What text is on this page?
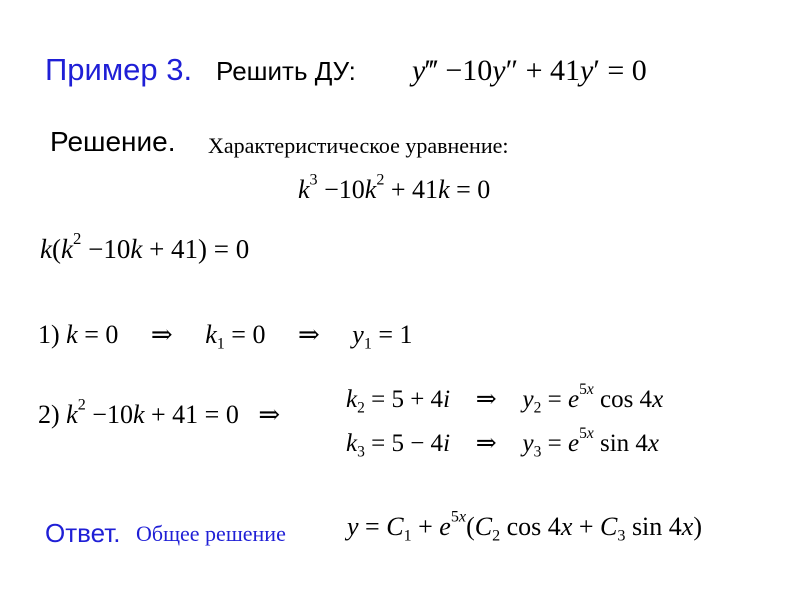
Пример 3. Решить ДУ: y‴ −10y″ + 41y′ = 0
Решение. Характеристическое уравнение:
$k^3 -10k^2 + 41k = 0$
$k(k^2 -10k + 41) = 0$
1) k = 0 ⇒ $k_1 = 0$ ⇒ $y_1 = 1$
2) $k^2 -10k + 41 = 0$   ⇒
$k_2 = 5 + 4i$ ⇒ $y_2 = e^{5x}$ cos 4x
$k_3 = 5 - 4i$ ⇒ $y_3 = e^{5x}$ sin 4x
Ответ. Общее решение $y = C_1 + e^{5x}(C_2$ $\cos 4x + C_3$ sin 4x)
